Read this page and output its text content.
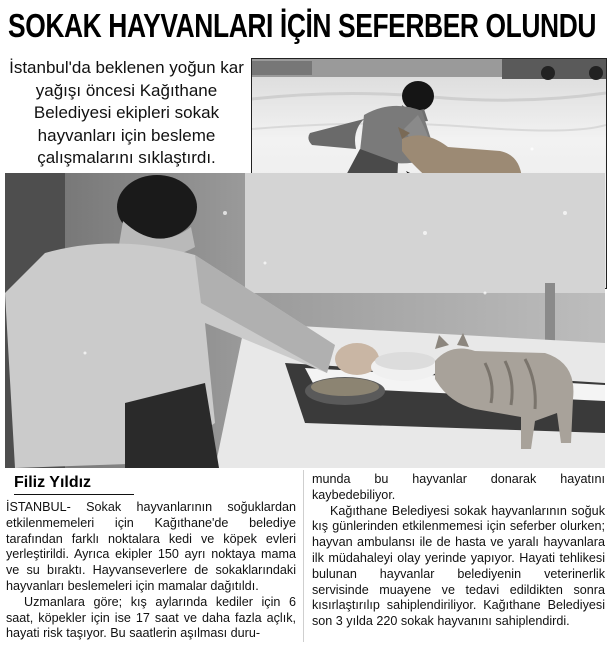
SOKAK HAYVANLARI İÇİN SEFERBER OLUNDU

İstanbul'da beklenen yoğun kar yağışı öncesi Kağıthane Belediyesi ekipleri sokak hayvanları için besleme çalışmalarını sıklaştırdı.

Filiz Yıldız

İSTANBUL- Sokak hayvanlarının soğuklardan etkilenmemeleri için Kağıthane'de belediye tarafından farklı noktalara kedi ve köpek evleri yerleştirildi. Ayrıca ekipler 150 ayrı noktaya mama ve su bıraktı. Hayvanseverlere de sokaklarındaki hayvanları beslemeleri için mamalar dağıtıldı.

Uzmanlara göre; kış aylarında kediler için 6 saat, köpekler için ise 17 saat ve daha fazla açlık, hayati risk taşıyor. Bu saatlerin aşılması duru-

munda bu hayvanlar donarak hayatını kaybedebiliyor.

Kağıthane Belediyesi sokak hayvanlarının soğuk kış günlerinden etkilenmemesi için seferber olurken; hayvan ambulansı ile de hasta ve yaralı hayvanlara ilk müdahaleyi olay yerinde yapıyor. Hayati tehlikesi bulunan hayvanlar belediyenin veterinerlik servisinde muayene ve tedavi edildikten sonra kısırlaştırılıp sahiplendiriliyor. Kağıthane Belediyesi son 3 yılda 220 sokak hayvanını sahiplendirdi.
